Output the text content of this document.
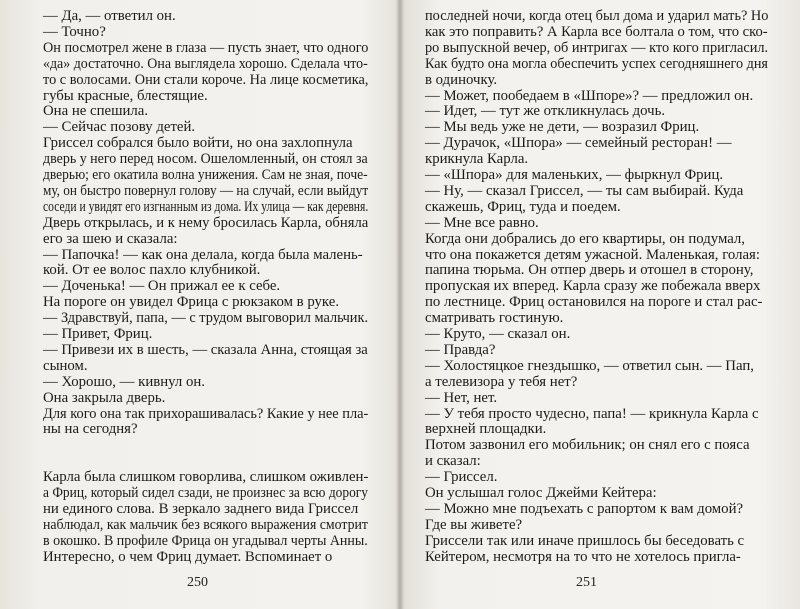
— Да, — ответил он.
— Точно?
Он посмотрел жене в глаза — пусть знает, что одного
«да» достаточно. Она выглядела хорошо. Сделала что-
то с волосами. Они стали короче. На лице косметика,
губы красные, блестящие.
Она не спешила.
— Сейчас позову детей.
Гриссел собрался было войти, но она захлопнула
дверь у него перед носом. Ошеломленный, он стоял за
дверью; его окатила волна унижения. Сам не зная, поче-
му, он быстро повернул голову — на случай, если выйдут
соседи и увидят его изгнанным из дома. Их улица — как деревня.
Дверь открылась, и к нему бросилась Карла, обняла
его за шею и сказала:
— Папочка! — как она делала, когда была малень-
кой. От ее волос пахло клубникой.
— Доченька! — Он прижал ее к себе.
На пороге он увидел Фрица с рюкзаком в руке.
— Здравствуй, папа, — с трудом выговорил мальчик.
— Привет, Фриц.
— Привези их в шесть, — сказала Анна, стоящая за
сыном.
— Хорошо, — кивнул он.
Она закрыла дверь.
Для кого она так прихорашивалась? Какие у нее пла-
ны на сегодня?
Карла была слишком говорлива, слишком оживлен-
а Фриц, который сидел сзади, не произнес за всю дорогу
ни единого слова. В зеркало заднего вида Гриссел
наблюдал, как мальчик без всякого выражения смотрит
в окошко. В профиле Фрица он угадывал черты Анны.
Интересно, о чем Фриц думает. Вспоминает о
250
последней ночи, когда отец был дома и ударил мать? Но
как это поправить? А Карла все болтала о том, что ско-
ро выпускной вечер, об интригах — кто кого пригласил.
Как будто она могла обеспечить успех сегодняшнего дня
в одиночку.
— Может, пообедаем в «Шпоре»? — предложил он.
— Идет, — тут же откликнулась дочь.
— Мы ведь уже не дети, — возразил Фриц.
— Дурачок, «Шпора» — семейный ресторан! —
крикнула Карла.
— «Шпора» для маленьких, — фыркнул Фриц.
— Ну, — сказал Гриссел, — ты сам выбирай. Куда
скажешь, Фриц, туда и поедем.
— Мне все равно.
Когда они добрались до его квартиры, он подумал,
что она покажется детям ужасной. Маленькая, голая:
папина тюрьма. Он отпер дверь и отошел в сторону,
пропуская их вперед. Карла сразу же побежала вверх
по лестнице. Фриц остановился на пороге и стал рас-
сматривать гостиную.
— Круто, — сказал он.
— Правда?
— Холостяцкое гнездышко, — ответил сын. — Пап,
а телевизора у тебя нет?
— Нет, нет.
— У тебя просто чудесно, папа! — крикнула Карла с
верхней площадки.
Потом зазвонил его мобильник; он снял его с пояса
и сказал:
— Гриссел.
Он услышал голос Джейми Кейтера:
— Можно мне подъехать с рапортом к вам домой?
Где вы живете?
Гриссели так или иначе пришлось бы беседовать с
Кейтером, несмотря на то что не хотелось пригла-
251
